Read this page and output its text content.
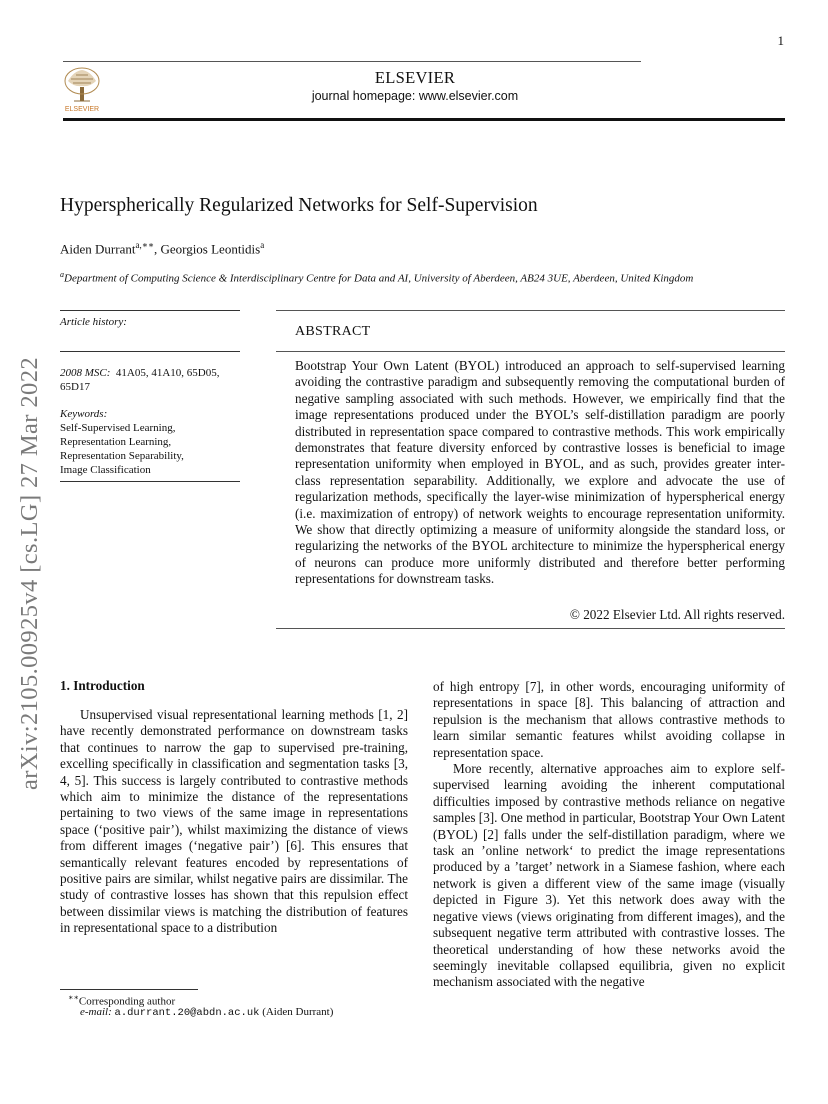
1
ELSEVIER
ELSEVIER
journal homepage: www.elsevier.com
arXiv:2105.00925v4 [cs.LG] 27 Mar 2022
Hyperspherically Regularized Networks for Self-Supervision
Aiden Durrant$^{a,∗∗}$, Georgios Leontidis$^a$
$^a$Department of Computing Science & Interdisciplinary Centre for Data and AI, University of Aberdeen, AB24 3UE, Aberdeen, United Kingdom
Article history:
2008 MSC: 41A05, 41A10, 65D05, 65D17
Keywords:
Self-Supervised Learning,
Representation Learning,
Representation Separability,
Image Classification
ABSTRACT
Bootstrap Your Own Latent (BYOL) introduced an approach to self-supervised learning avoiding the contrastive paradigm and subsequently removing the computational burden of negative sampling associated with such methods. However, we empirically find that the image representations produced under the BYOL’s self-distillation paradigm are poorly distributed in representation space compared to contrastive methods. This work empirically demonstrates that feature diversity enforced by contrastive losses is beneficial to image representation uniformity when employed in BYOL, and as such, provides greater inter-class representation separability. Additionally, we explore and advocate the use of regularization methods, specifically the layer-wise minimization of hyperspherical energy (i.e. maximization of entropy) of network weights to encourage representation uniformity. We show that directly optimizing a measure of uniformity alongside the standard loss, or regularizing the networks of the BYOL architecture to minimize the hyperspherical energy of neurons can produce more uniformly distributed and therefore better performing representations for downstream tasks.
© 2022 Elsevier Ltd. All rights reserved.
1. Introduction

Unsupervised visual representational learning methods [1, 2] have recently demonstrated performance on downstream tasks that continues to narrow the gap to supervised pre-training, excelling specifically in classification and segmentation tasks [3, 4, 5]. This success is largely contributed to contrastive methods which aim to minimize the distance of the representations pertaining to two views of the same image in representations space (‘positive pair’), whilst maximizing the distance of views from different images (‘negative pair’) [6]. This ensures that semantically relevant features encoded by representations of positive pairs are similar, whilst negative pairs are dissimilar. The study of contrastive losses has shown that this repulsion effect between dissimilar views is matching the distribution of features in representational space to a distribution

of high entropy [7], in other words, encouraging uniformity of representations in space [8]. This balancing of attraction and repulsion is the mechanism that allows contrastive methods to learn similar semantic features whilst avoiding collapse in representation space.

More recently, alternative approaches aim to explore self-supervised learning avoiding the inherent computational difficulties imposed by contrastive methods reliance on negative samples [3]. One method in particular, Bootstrap Your Own Latent (BYOL) [2] falls under the self-distillation paradigm, where we task an ’online network‘ to predict the image representations produced by a ’target’ network in a Siamese fashion, where each network is given a different view of the same image (visually depicted in Figure 3). Yet this network does away with the negative views (views originating from different images), and the subsequent negative term attributed with contrastive losses. The theoretical understanding of how these networks avoid the seemingly inevitable collapsed equilibria, given no explicit mechanism associated with the negative

∗∗Corresponding author
e-mail: a.durrant.20@abdn.ac.uk (Aiden Durrant)
